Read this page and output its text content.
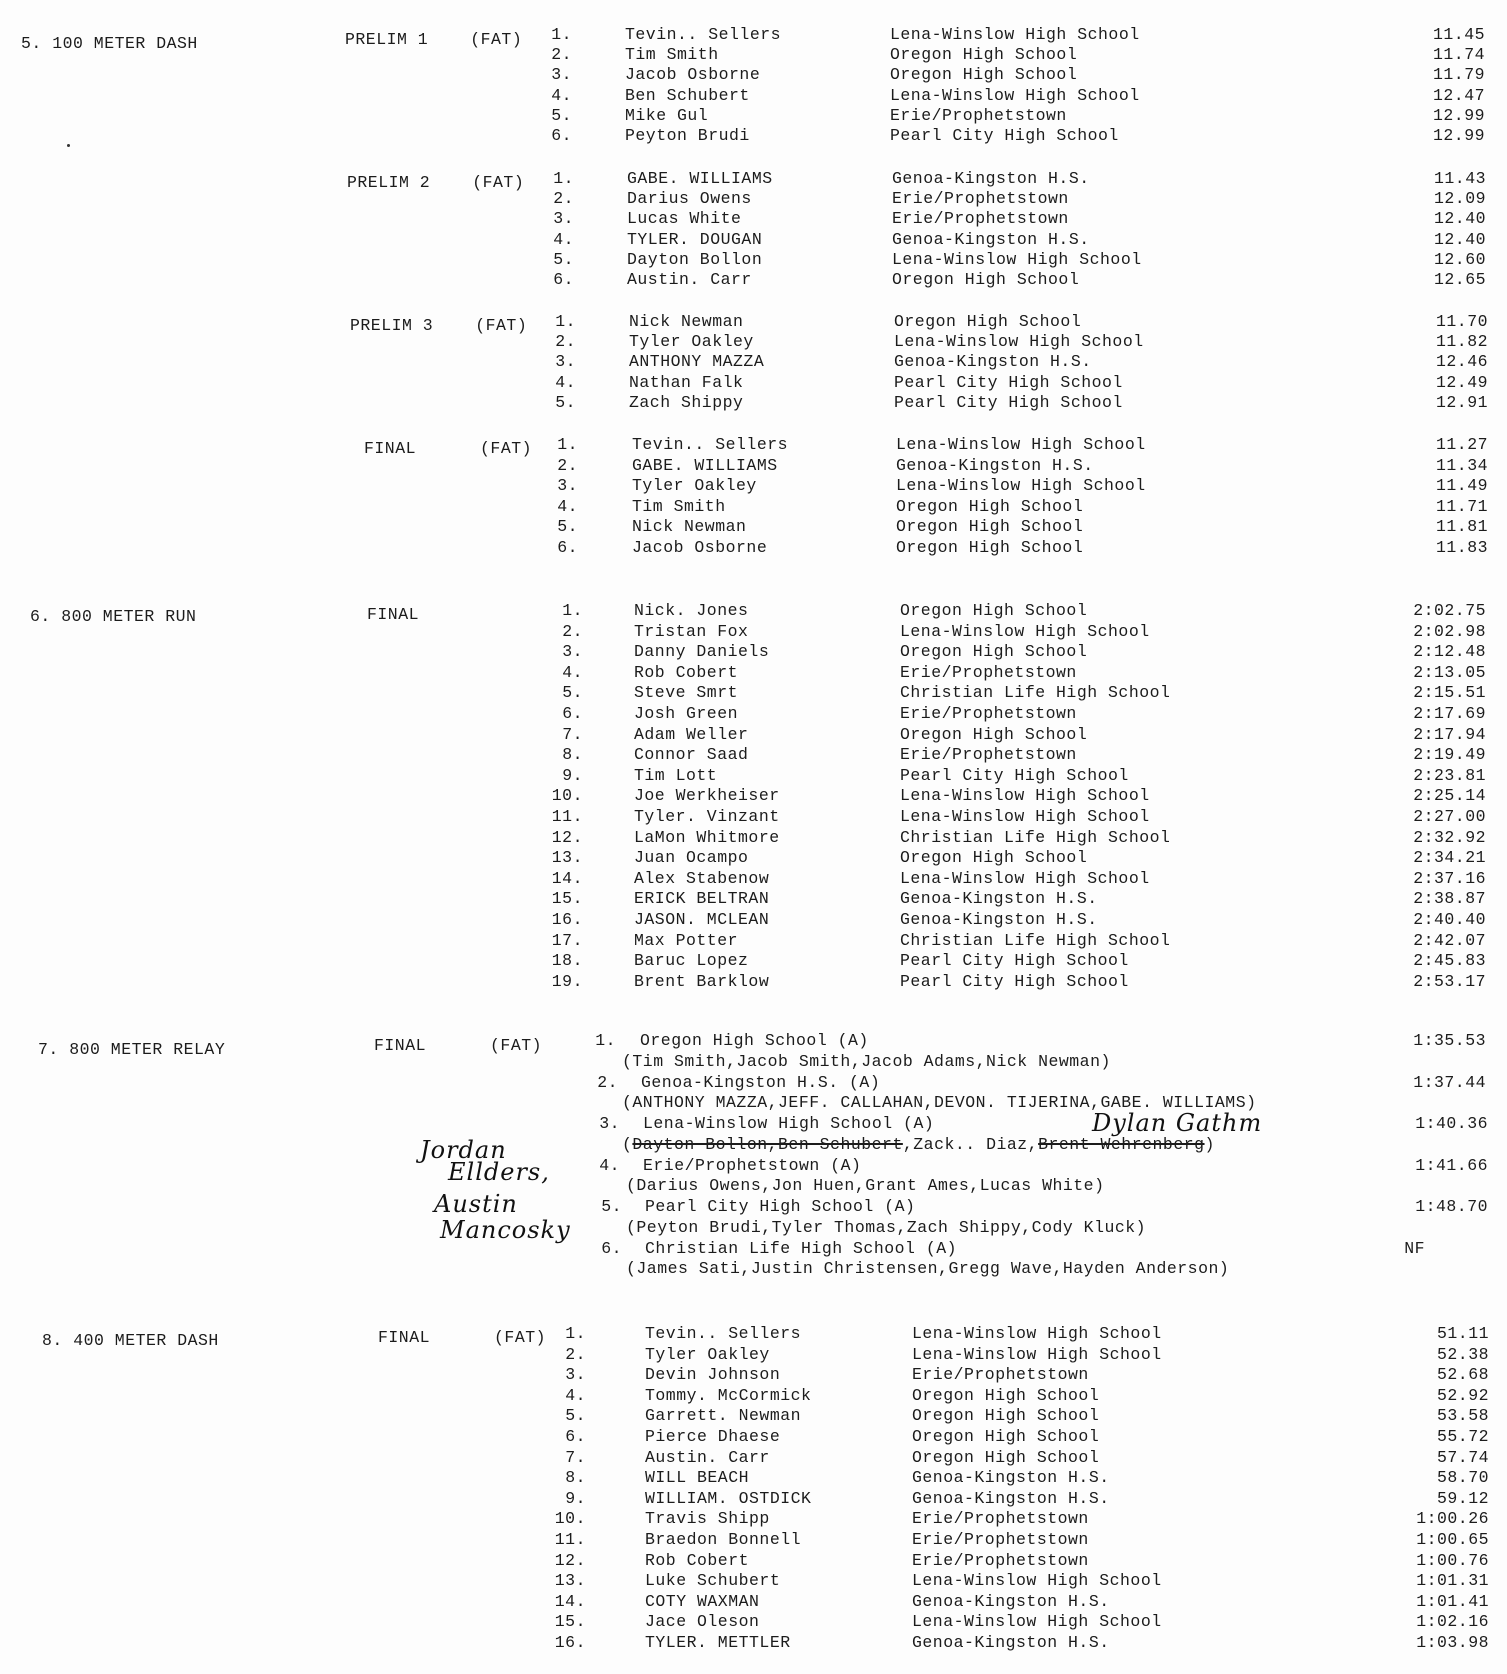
5. 100 METER DASH	PRELIM 1	(FAT)	1.	Tevin.. Sellers	Lena-Winslow High School	11.45
2.	Tim Smith	Oregon High School	11.74
3.	Jacob Osborne	Oregon High School	11.79
4.	Ben Schubert	Lena-Winslow High School	12.47
5.	Mike Gul	Erie/Prophetstown	12.99
6.	Peyton Brudi	Pearl City High School	12.99
PRELIM 2	(FAT)	1.	GABE. WILLIAMS	Genoa-Kingston H.S.	11.43
2.	Darius Owens	Erie/Prophetstown	12.09
3.	Lucas White	Erie/Prophetstown	12.40
4.	TYLER. DOUGAN	Genoa-Kingston H.S.	12.40
5.	Dayton Bollon	Lena-Winslow High School	12.60
6.	Austin. Carr	Oregon High School	12.65
PRELIM 3	(FAT)	1.	Nick Newman	Oregon High School	11.70
2.	Tyler Oakley	Lena-Winslow High School	11.82
3.	ANTHONY MAZZA	Genoa-Kingston H.S.	12.46
4.	Nathan Falk	Pearl City High School	12.49
5.	Zach Shippy	Pearl City High School	12.91
FINAL	(FAT)	1.	Tevin.. Sellers	Lena-Winslow High School	11.27
2.	GABE. WILLIAMS	Genoa-Kingston H.S.	11.34
3.	Tyler Oakley	Lena-Winslow High School	11.49
4.	Tim Smith	Oregon High School	11.71
5.	Nick Newman	Oregon High School	11.81
6.	Jacob Osborne	Oregon High School	11.83
6. 800 METER RUN	FINAL	1.	Nick. Jones	Oregon High School	2:02.75
2.	Tristan Fox	Lena-Winslow High School	2:02.98
3.	Danny Daniels	Oregon High School	2:12.48
4.	Rob Cobert	Erie/Prophetstown	2:13.05
5.	Steve Smrt	Christian Life High School	2:15.51
6.	Josh Green	Erie/Prophetstown	2:17.69
7.	Adam Weller	Oregon High School	2:17.94
8.	Connor Saad	Erie/Prophetstown	2:19.49
9.	Tim Lott	Pearl City High School	2:23.81
10.	Joe Werkheiser	Lena-Winslow High School	2:25.14
11.	Tyler. Vinzant	Lena-Winslow High School	2:27.00
12.	LaMon Whitmore	Christian Life High School	2:32.92
13.	Juan Ocampo	Oregon High School	2:34.21
14.	Alex Stabenow	Lena-Winslow High School	2:37.16
15.	ERICK BELTRAN	Genoa-Kingston H.S.	2:38.87
16.	JASON. MCLEAN	Genoa-Kingston H.S.	2:40.40
17.	Max Potter	Christian Life High School	2:42.07
18.	Baruc Lopez	Pearl City High School	2:45.83
19.	Brent Barklow	Pearl City High School	2:53.17
7. 800 METER RELAY	FINAL	(FAT)	1. Oregon High School (A)	1:35.53
(Tim Smith,Jacob Smith,Jacob Adams,Nick Newman)
2. Genoa-Kingston H.S. (A)	1:37.44
(ANTHONY MAZZA,JEFF. CALLAHAN,DEVON. TIJERINA,GABE. WILLIAMS)
3. Lena-Winslow High School (A)	1:40.36
(Dayton Bollon,Ben Schubert,Zack.. Diaz,Brent Wehrenberg)
4. Erie/Prophetstown (A)	1:41.66
(Darius Owens,Jon Huen,Grant Ames,Lucas White)
5. Pearl City High School (A)	1:48.70
(Peyton Brudi,Tyler Thomas,Zach Shippy,Cody Kluck)
6. Christian Life High School (A)	NF
(James Sati,Justin Christensen,Gregg Wave,Hayden Anderson)
Dylan Gathm
Jordan
Ellders,
Austin
Mancosky
8. 400 METER DASH	FINAL	(FAT)	1.	Tevin.. Sellers	Lena-Winslow High School	51.11
2.	Tyler Oakley	Lena-Winslow High School	52.38
3.	Devin Johnson	Erie/Prophetstown	52.68
4.	Tommy. McCormick	Oregon High School	52.92
5.	Garrett. Newman	Oregon High School	53.58
6.	Pierce Dhaese	Oregon High School	55.72
7.	Austin. Carr	Oregon High School	57.74
8.	WILL BEACH	Genoa-Kingston H.S.	58.70
9.	WILLIAM. OSTDICK	Genoa-Kingston H.S.	59.12
10.	Travis Shipp	Erie/Prophetstown	1:00.26
11.	Braedon Bonnell	Erie/Prophetstown	1:00.65
12.	Rob Cobert	Erie/Prophetstown	1:00.76
13.	Luke Schubert	Lena-Winslow High School	1:01.31
14.	COTY WAXMAN	Genoa-Kingston H.S.	1:01.41
15.	Jace Oleson	Lena-Winslow High School	1:02.16
16.	TYLER. METTLER	Genoa-Kingston H.S.	1:03.98
